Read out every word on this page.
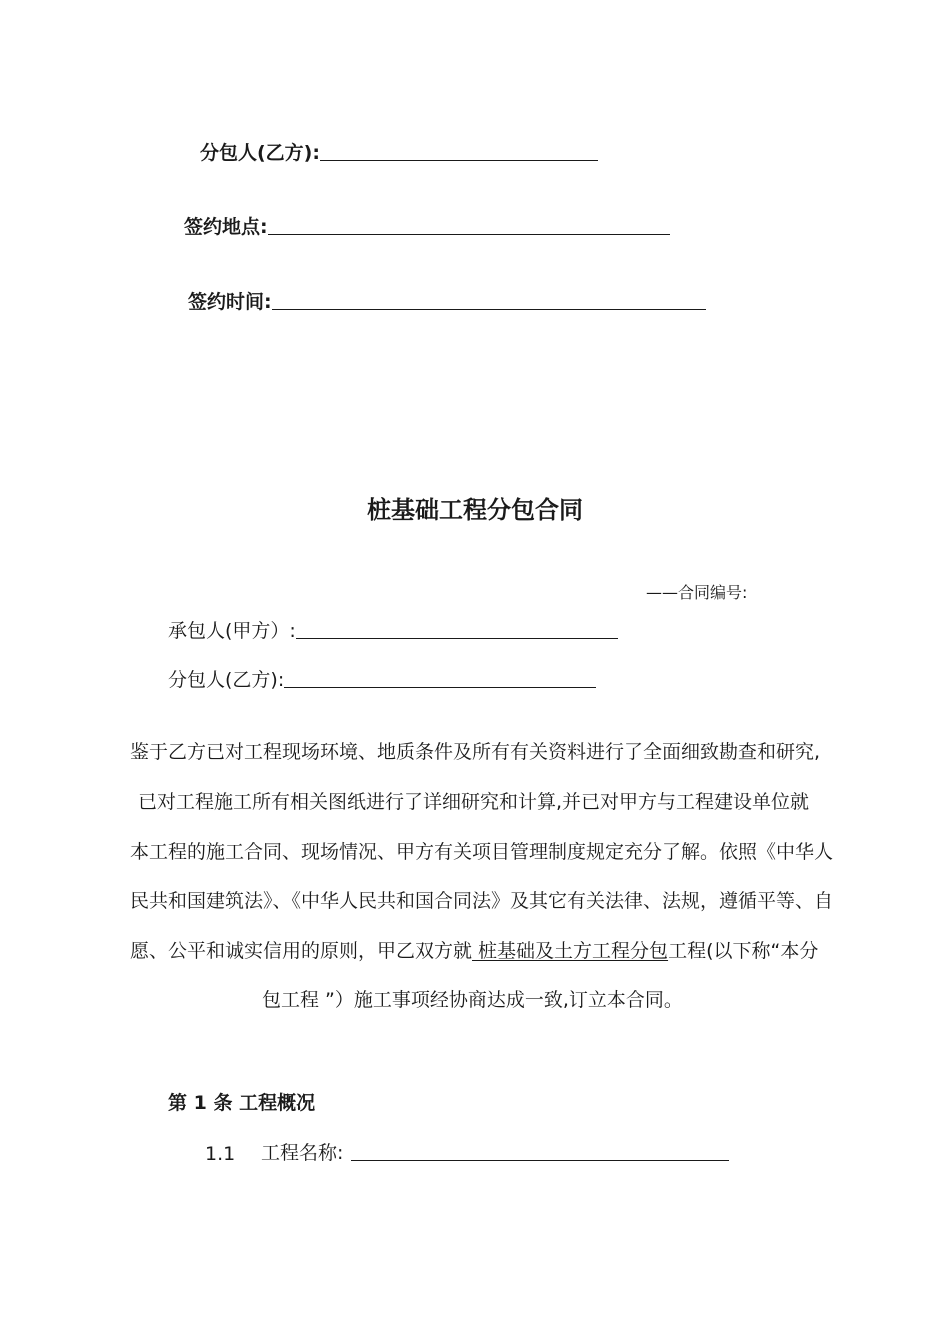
分包人(乙方):
签约地点:
签约时间:
桩基础工程分包合同
——合同编号:
承包人(甲方）:
分包人(乙方):
鉴于乙方已对工程现场环境、地质条件及所有有关资料进行了全面细致勘查和研究,
已对工程施工所有相关图纸进行了详细研究和计算,并已对甲方与工程建设单位就
本工程的施工合同、现场情况、甲方有关项目管理制度规定充分了解。依照《中华人
民共和国建筑法》、《中华人民共和国合同法》及其它有关法律、法规，遵循平等、自
愿、公平和诚实信用的原则，甲乙双方就 桩基础及土方工程分包工程(以下称“本分
包工程 ”）施工事项经协商达成一致,订立本合同。
第 1 条 工程概况
1.1	工程名称:
